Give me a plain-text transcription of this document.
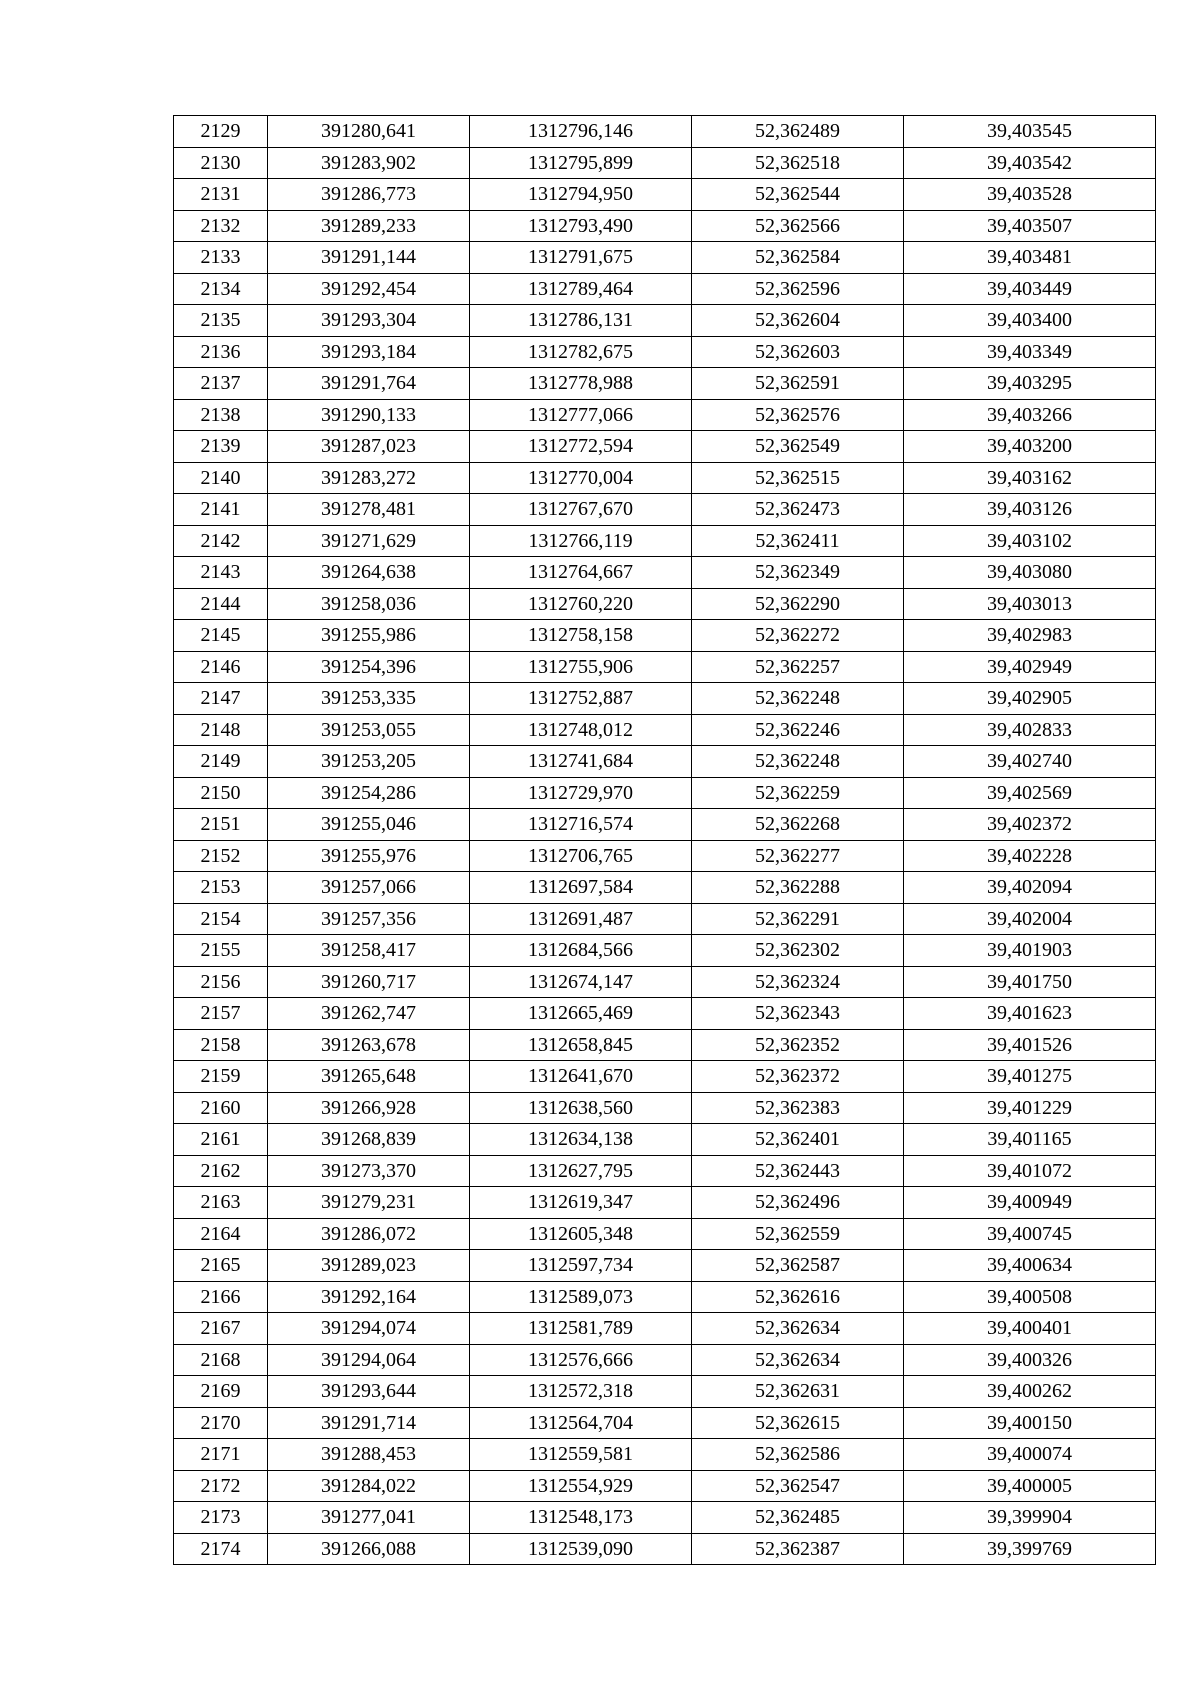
2129	391280,641	1312796,146	52,362489	39,403545
2130	391283,902	1312795,899	52,362518	39,403542
2131	391286,773	1312794,950	52,362544	39,403528
2132	391289,233	1312793,490	52,362566	39,403507
2133	391291,144	1312791,675	52,362584	39,403481
2134	391292,454	1312789,464	52,362596	39,403449
2135	391293,304	1312786,131	52,362604	39,403400
2136	391293,184	1312782,675	52,362603	39,403349
2137	391291,764	1312778,988	52,362591	39,403295
2138	391290,133	1312777,066	52,362576	39,403266
2139	391287,023	1312772,594	52,362549	39,403200
2140	391283,272	1312770,004	52,362515	39,403162
2141	391278,481	1312767,670	52,362473	39,403126
2142	391271,629	1312766,119	52,362411	39,403102
2143	391264,638	1312764,667	52,362349	39,403080
2144	391258,036	1312760,220	52,362290	39,403013
2145	391255,986	1312758,158	52,362272	39,402983
2146	391254,396	1312755,906	52,362257	39,402949
2147	391253,335	1312752,887	52,362248	39,402905
2148	391253,055	1312748,012	52,362246	39,402833
2149	391253,205	1312741,684	52,362248	39,402740
2150	391254,286	1312729,970	52,362259	39,402569
2151	391255,046	1312716,574	52,362268	39,402372
2152	391255,976	1312706,765	52,362277	39,402228
2153	391257,066	1312697,584	52,362288	39,402094
2154	391257,356	1312691,487	52,362291	39,402004
2155	391258,417	1312684,566	52,362302	39,401903
2156	391260,717	1312674,147	52,362324	39,401750
2157	391262,747	1312665,469	52,362343	39,401623
2158	391263,678	1312658,845	52,362352	39,401526
2159	391265,648	1312641,670	52,362372	39,401275
2160	391266,928	1312638,560	52,362383	39,401229
2161	391268,839	1312634,138	52,362401	39,401165
2162	391273,370	1312627,795	52,362443	39,401072
2163	391279,231	1312619,347	52,362496	39,400949
2164	391286,072	1312605,348	52,362559	39,400745
2165	391289,023	1312597,734	52,362587	39,400634
2166	391292,164	1312589,073	52,362616	39,400508
2167	391294,074	1312581,789	52,362634	39,400401
2168	391294,064	1312576,666	52,362634	39,400326
2169	391293,644	1312572,318	52,362631	39,400262
2170	391291,714	1312564,704	52,362615	39,400150
2171	391288,453	1312559,581	52,362586	39,400074
2172	391284,022	1312554,929	52,362547	39,400005
2173	391277,041	1312548,173	52,362485	39,399904
2174	391266,088	1312539,090	52,362387	39,399769
